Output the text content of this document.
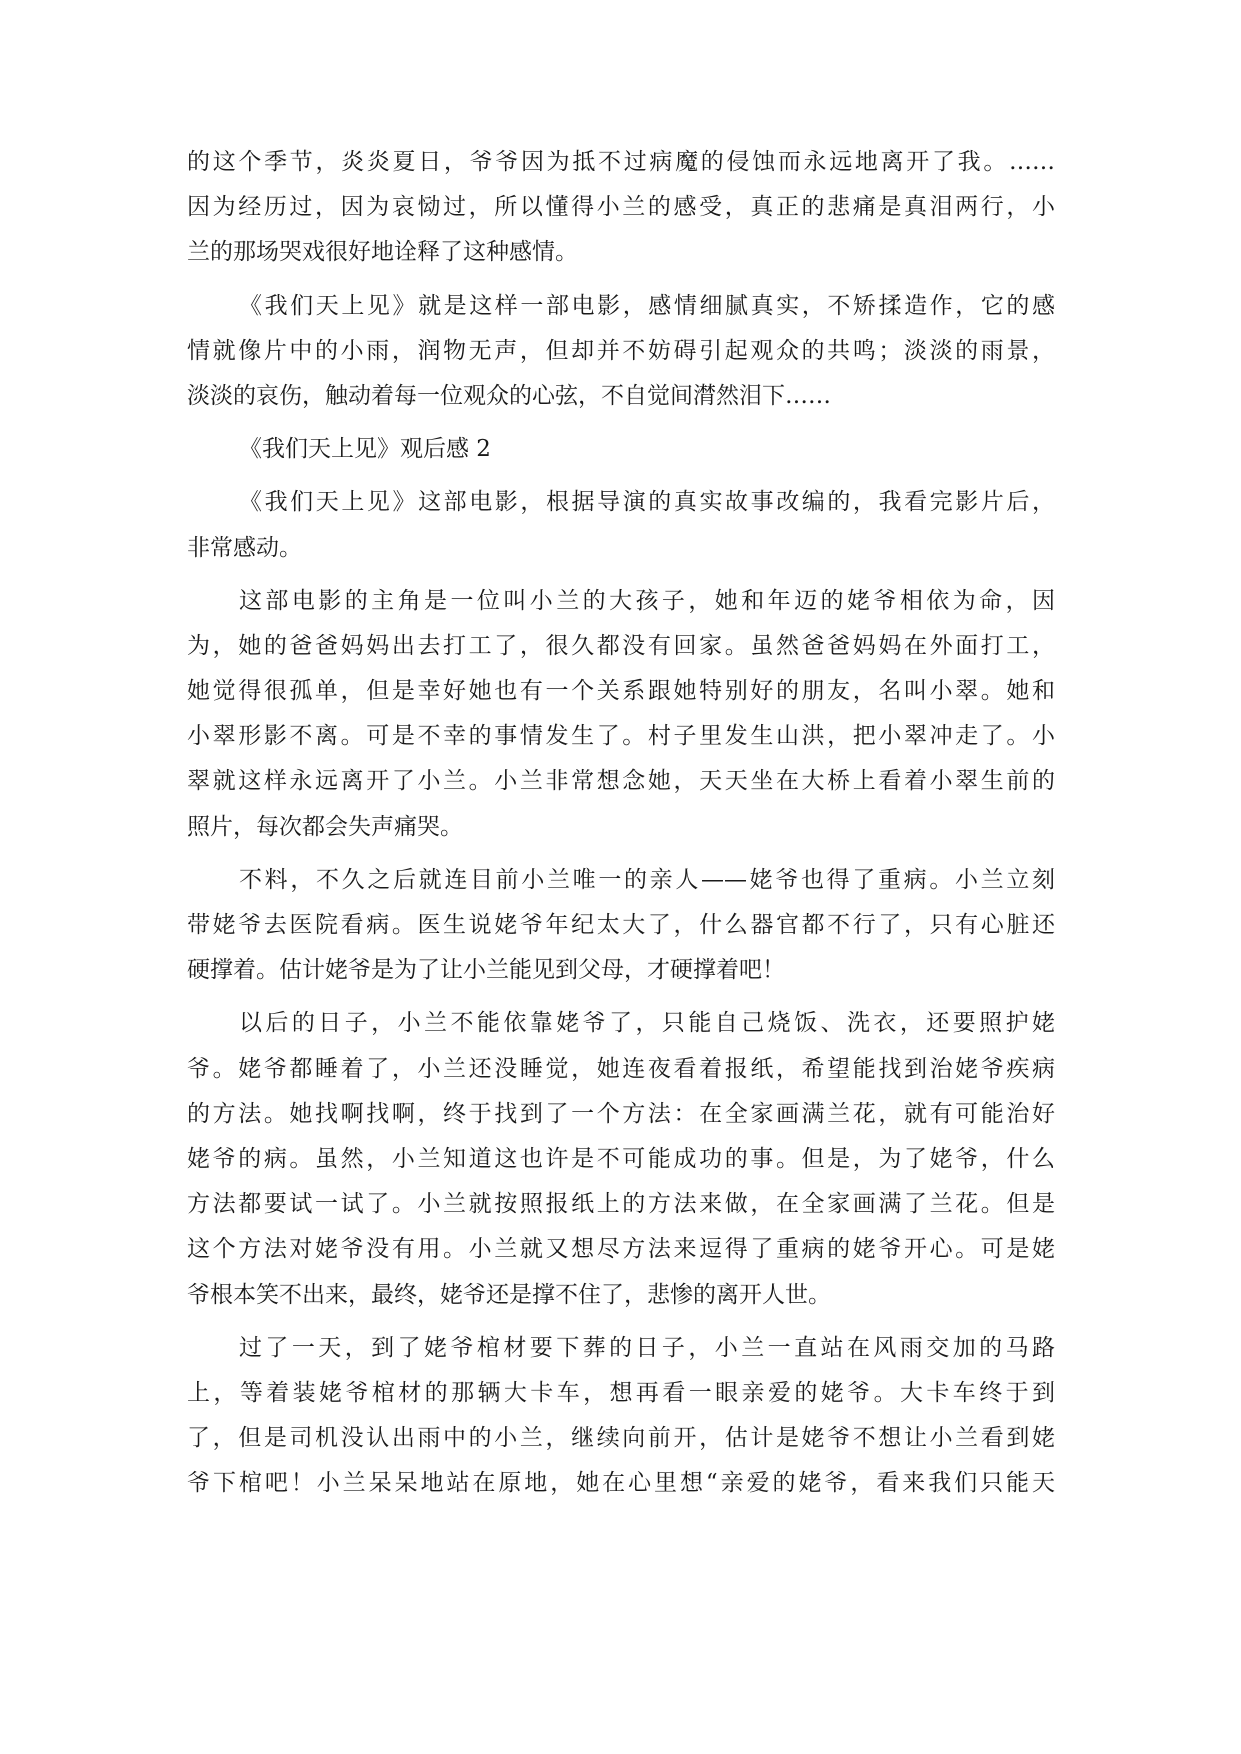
的这个季节，炎炎夏日，爷爷因为抵不过病魔的侵蚀而永远地离开了我。……
因为经历过，因为哀恸过，所以懂得小兰的感受，真正的悲痛是真泪两行，小
兰的那场哭戏很好地诠释了这种感情。
《我们天上见》就是这样一部电影，感情细腻真实，不矫揉造作，它的感
情就像片中的小雨，润物无声，但却并不妨碍引起观众的共鸣；淡淡的雨景，
淡淡的哀伤，触动着每一位观众的心弦，不自觉间潸然泪下……
《我们天上见》观后感 2
《我们天上见》这部电影，根据导演的真实故事改编的，我看完影片后，
非常感动。
这部电影的主角是一位叫小兰的大孩子，她和年迈的姥爷相依为命，因
为，她的爸爸妈妈出去打工了，很久都没有回家。虽然爸爸妈妈在外面打工，
她觉得很孤单，但是幸好她也有一个关系跟她特别好的朋友，名叫小翠。她和
小翠形影不离。可是不幸的事情发生了。村子里发生山洪，把小翠冲走了。小
翠就这样永远离开了小兰。小兰非常想念她，天天坐在大桥上看着小翠生前的
照片，每次都会失声痛哭。
不料，不久之后就连目前小兰唯一的亲人——姥爷也得了重病。小兰立刻
带姥爷去医院看病。医生说姥爷年纪太大了，什么器官都不行了，只有心脏还
硬撑着。估计姥爷是为了让小兰能见到父母，才硬撑着吧！
以后的日子，小兰不能依靠姥爷了，只能自己烧饭、洗衣，还要照护姥
爷。姥爷都睡着了，小兰还没睡觉，她连夜看着报纸，希望能找到治姥爷疾病
的方法。她找啊找啊，终于找到了一个方法：在全家画满兰花，就有可能治好
姥爷的病。虽然，小兰知道这也许是不可能成功的事。但是，为了姥爷，什么
方法都要试一试了。小兰就按照报纸上的方法来做，在全家画满了兰花。但是
这个方法对姥爷没有用。小兰就又想尽方法来逗得了重病的姥爷开心。可是姥
爷根本笑不出来，最终，姥爷还是撑不住了，悲惨的离开人世。
过了一天，到了姥爷棺材要下葬的日子，小兰一直站在风雨交加的马路
上，等着装姥爷棺材的那辆大卡车，想再看一眼亲爱的姥爷。大卡车终于到
了，但是司机没认出雨中的小兰，继续向前开，估计是姥爷不想让小兰看到姥
爷下棺吧！小兰呆呆地站在原地，她在心里想“亲爱的姥爷，看来我们只能天
